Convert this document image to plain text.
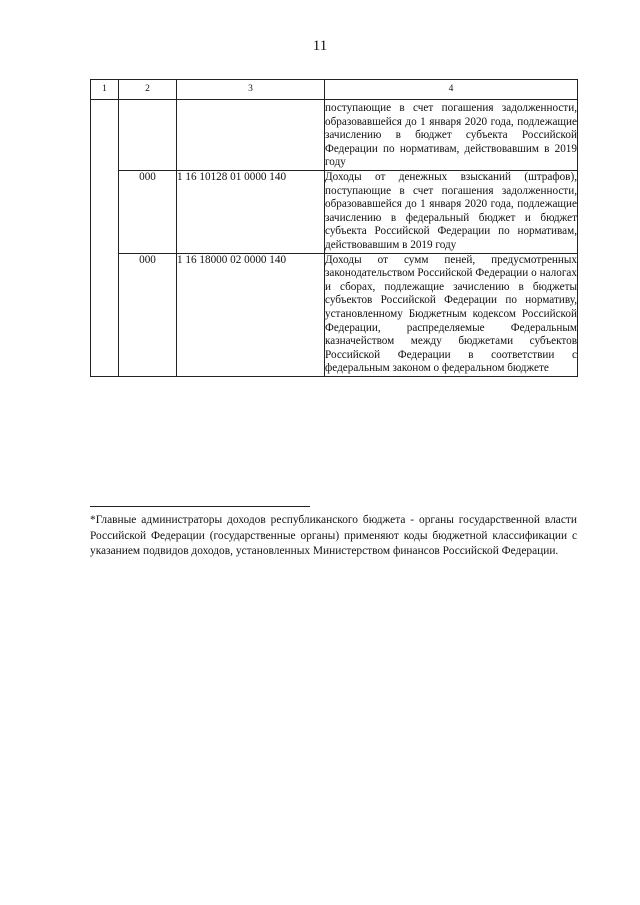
11
1	2	3	4
			поступающие в счет погашения задолженности, образовавшейся до 1 января 2020 года, подлежащие зачислению в бюджет субъекта Российской Федерации по нормативам, действовавшим в 2019 году
	000	1 16 10128 01 0000 140	Доходы от денежных взысканий (штрафов), поступающие в счет погашения задолженности, образовавшейся до 1 января 2020 года, подлежащие зачислению в федеральный бюджет и бюджет субъекта Российской Федерации по нормативам, действовавшим в 2019 году
	000	1 16 18000 02 0000 140	Доходы от сумм пеней, предусмотренных законодательством Российской Федерации о налогах и сборах, подлежащие зачислению в бюджеты субъектов Российской Федерации по нормативу, установленному Бюджетным кодексом Российской Федерации, распределяемые Федеральным казначейством между бюджетами субъектов Российской Федерации в соответствии с федеральным законом о федеральном бюджете
*Главные администраторы доходов республиканского бюджета - органы государственной власти Российской Федерации (государственные органы) применяют коды бюджетной классификации с указанием подвидов доходов, установленных Министерством финансов Российской Федерации.
